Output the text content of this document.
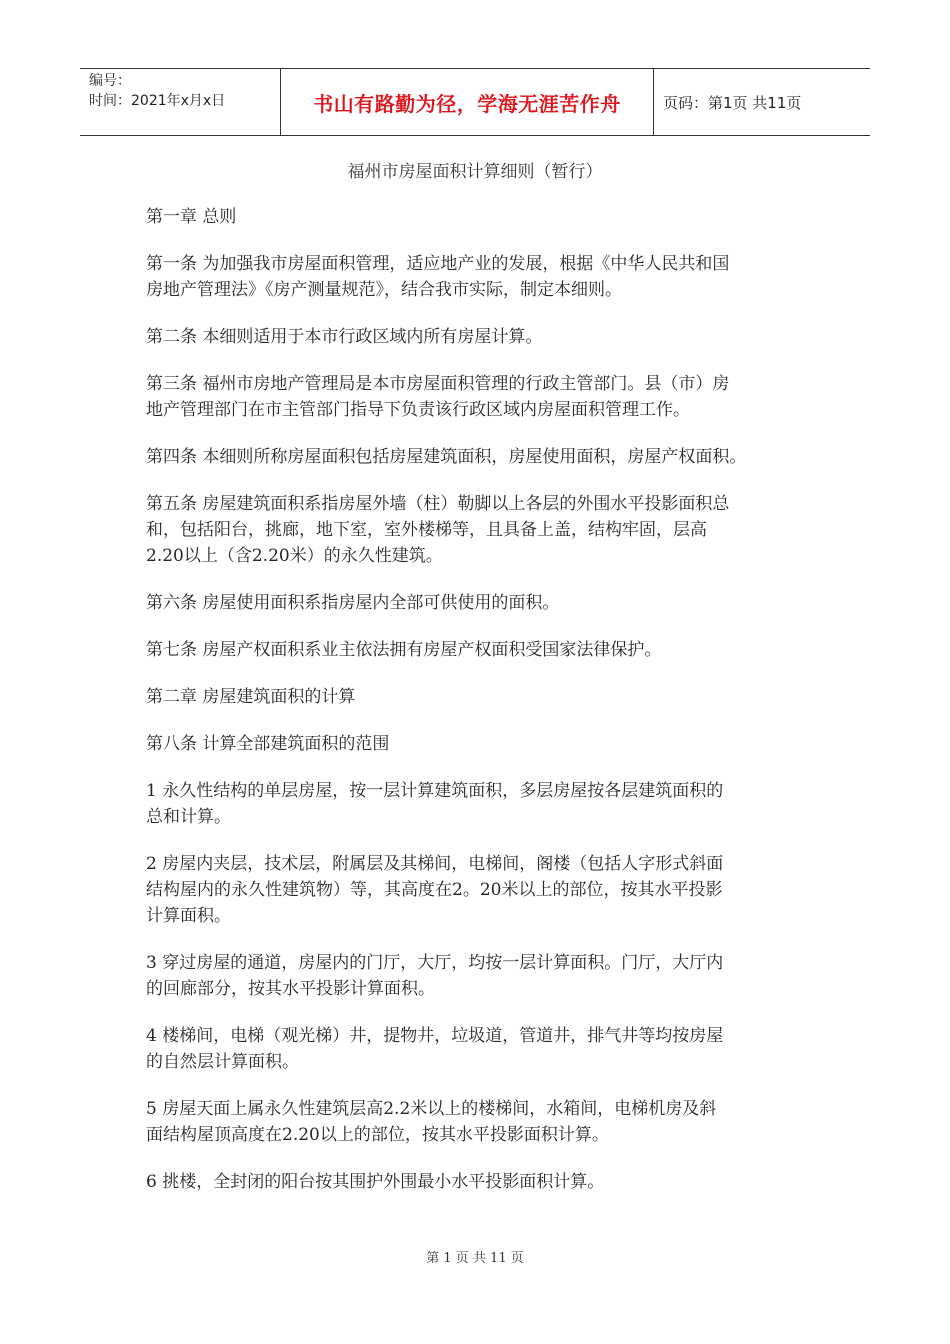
编号：
时间：2021年x月x日	书山有路勤为径，学海无涯苦作舟	页码：第1页 共11页
福州市房屋面积计算细则（暂行）
第一章 总则
第一条 为加强我市房屋面积管理，适应地产业的发展，根据《中华人民共和国
房地产管理法》《房产测量规范》，结合我市实际，制定本细则。
第二条 本细则适用于本市行政区域内所有房屋计算。
第三条 福州市房地产管理局是本市房屋面积管理的行政主管部门。县（市）房
地产管理部门在市主管部门指导下负责该行政区域内房屋面积管理工作。
第四条 本细则所称房屋面积包括房屋建筑面积，房屋使用面积，房屋产权面积。
第五条 房屋建筑面积系指房屋外墙（柱）勒脚以上各层的外围水平投影面积总
和，包括阳台，挑廊，地下室，室外楼梯等，且具备上盖，结构牢固，层高
2.20以上（含2.20米）的永久性建筑。
第六条 房屋使用面积系指房屋内全部可供使用的面积。
第七条 房屋产权面积系业主依法拥有房屋产权面积受国家法律保护。
第二章 房屋建筑面积的计算
第八条 计算全部建筑面积的范围
1 永久性结构的单层房屋，按一层计算建筑面积，多层房屋按各层建筑面积的
总和计算。
2 房屋内夹层，技术层，附属层及其梯间，电梯间，阁楼（包括人字形式斜面
结构屋内的永久性建筑物）等，其高度在2。20米以上的部位，按其水平投影
计算面积。
3 穿过房屋的通道，房屋内的门厅，大厅，均按一层计算面积。门厅，大厅内
的回廊部分，按其水平投影计算面积。
4 楼梯间，电梯（观光梯）井，提物井，垃圾道，管道井，排气井等均按房屋
的自然层计算面积。
5 房屋天面上属永久性建筑层高2.2米以上的楼梯间，水箱间，电梯机房及斜
面结构屋顶高度在2.20以上的部位，按其水平投影面积计算。
6 挑楼，全封闭的阳台按其围护外围最小水平投影面积计算。
第 1 页 共 11 页
